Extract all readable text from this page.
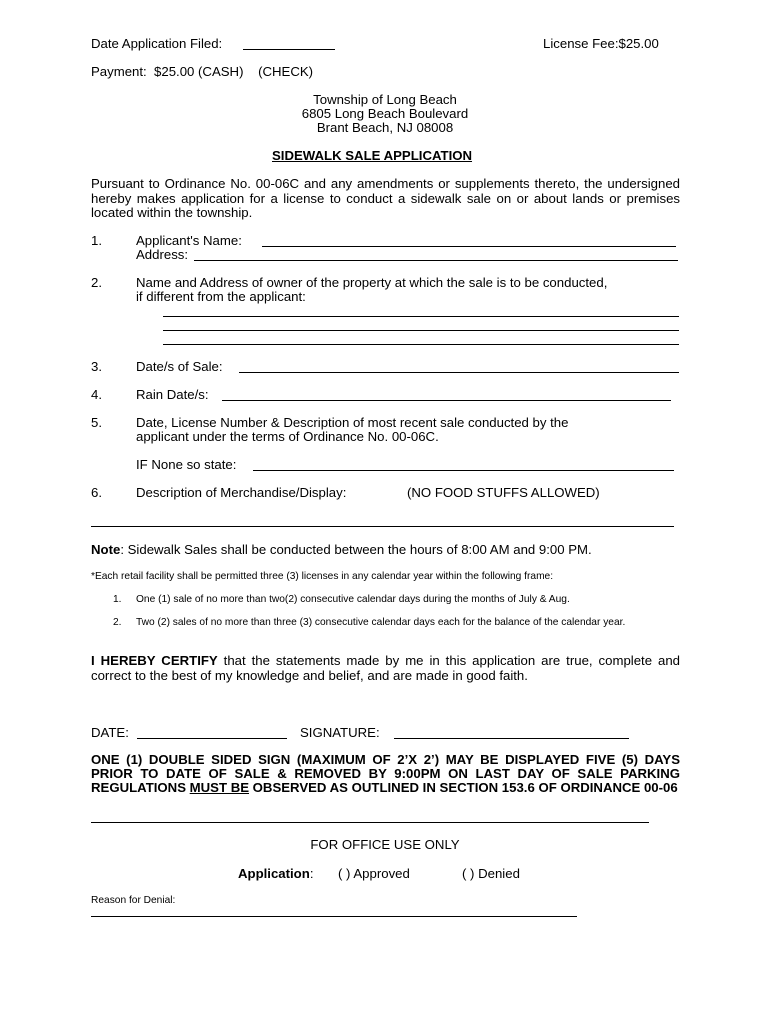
Date Application Filed:	License Fee:$25.00
Payment:  $25.00 (CASH)    (CHECK)
Township of Long Beach
6805 Long Beach Boulevard
Brant Beach, NJ 08008
SIDEWALK SALE APPLICATION
Pursuant to Ordinance No. 00-06C and any amendments or supplements thereto, the undersigned hereby makes application for a license to conduct a sidewalk sale on or about lands or premises located within the township.
1.	Applicant's Name:
Address:
2.	Name and Address of owner of the property at which the sale is to be conducted,
if different from the applicant:
3.	Date/s of Sale:
4.	Rain Date/s:
5.	Date, License Number & Description of most recent sale conducted by the
applicant under the terms of Ordinance No. 00-06C.
IF None so state:
6.	Description of Merchandise/Display:	(NO FOOD STUFFS ALLOWED)
Note: Sidewalk Sales shall be conducted between the hours of 8:00 AM and 9:00 PM.
*Each retail facility shall be permitted three (3) licenses in any calendar year within the following frame:
1. One (1) sale of no more than two(2) consecutive calendar days during the months of July & Aug.
2. Two (2) sales of no more than three (3) consecutive calendar days each for the balance of the calendar year.
I HEREBY CERTIFY that the statements made by me in this application are true, complete and correct to the best of my knowledge and belief, and are made in good faith.
DATE:	SIGNATURE:
ONE (1) DOUBLE SIDED SIGN (MAXIMUM OF 2’X 2’) MAY BE DISPLAYED FIVE (5) DAYS PRIOR TO DATE OF SALE & REMOVED BY 9:00PM ON LAST DAY OF SALE PARKING REGULATIONS MUST BE OBSERVED AS OUTLINED IN SECTION 153.6 OF ORDINANCE 00-06
FOR OFFICE USE ONLY
Application: ( ) Approved	( ) Denied
Reason for Denial:
